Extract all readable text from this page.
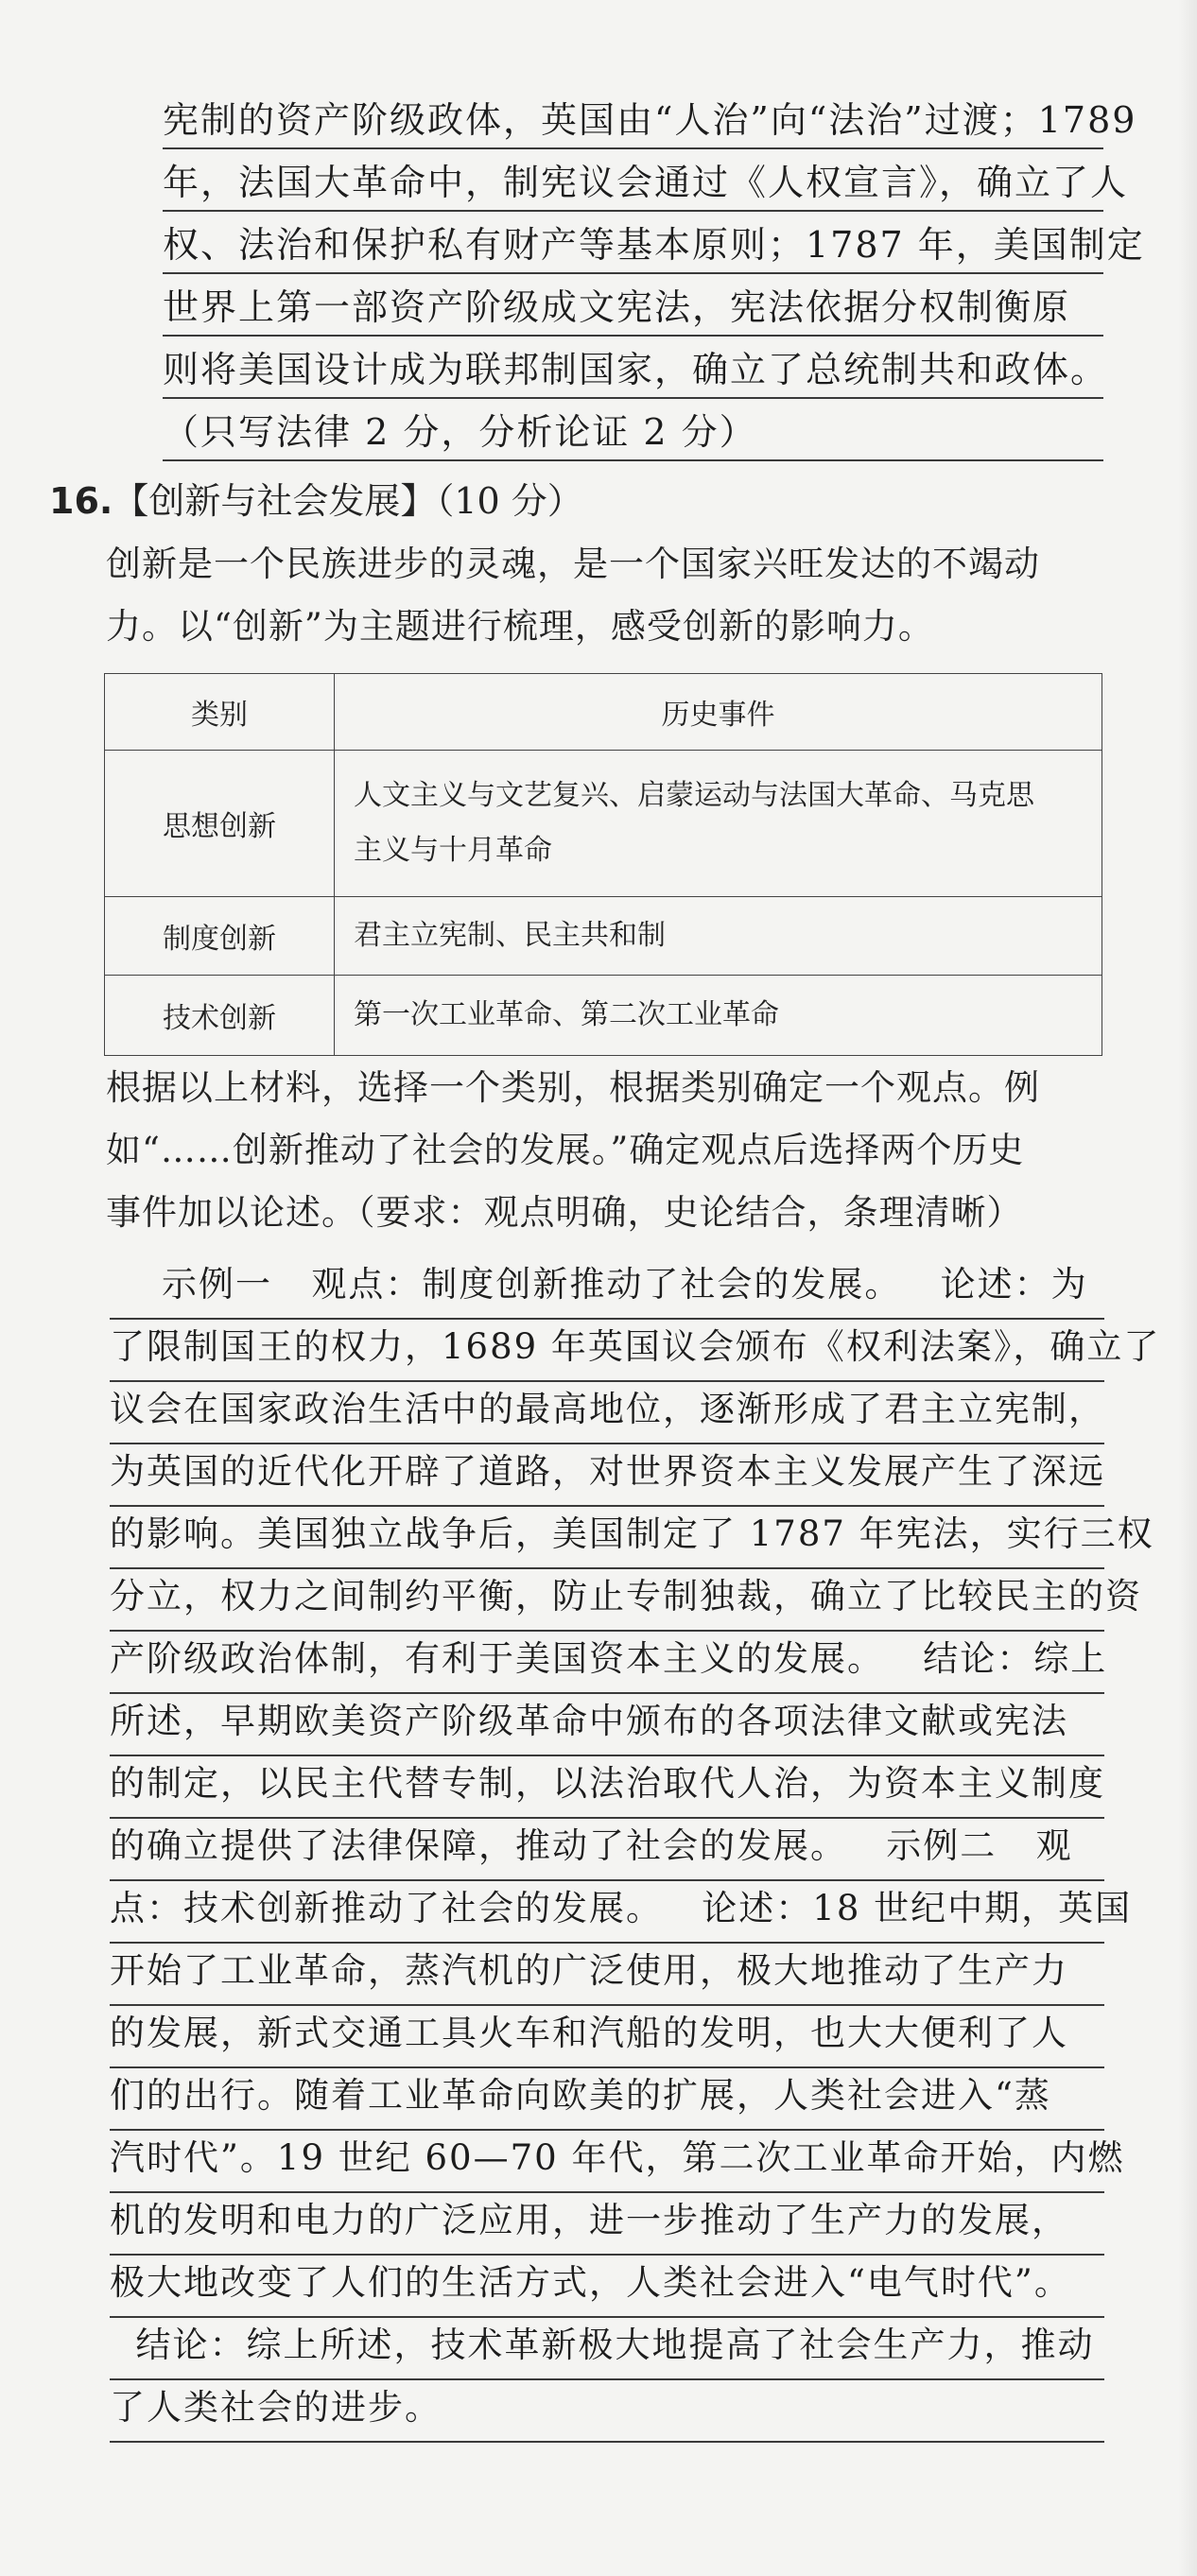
宪制的资产阶级政体，英国由“人治”向“法治”过渡；1789
年，法国大革命中，制宪议会通过《人权宣言》，确立了人
权、法治和保护私有财产等基本原则；1787 年，美国制定
世界上第一部资产阶级成文宪法，宪法依据分权制衡原
则将美国设计成为联邦制国家，确立了总统制共和政体。
（只写法律 2 分，分析论证 2 分）
16.【创新与社会发展】（10 分）
创新是一个民族进步的灵魂，是一个国家兴旺发达的不竭动
力。以“创新”为主题进行梳理，感受创新的影响力。
类别	历史事件
思想创新	人文主义与文艺复兴、启蒙运动与法国大革命、马克思
主义与十月革命

制度创新	君主立宪制、民主共和制
技术创新	第一次工业革命、第二次工业革命
根据以上材料，选择一个类别，根据类别确定一个观点。例
如“……创新推动了社会的发展。”确定观点后选择两个历史
事件加以论述。（要求：观点明确，史论结合，条理清晰）
示例一   观点：制度创新推动了社会的发展。   论述：为
了限制国王的权力，1689 年英国议会颁布《权利法案》，确立了
议会在国家政治生活中的最高地位，逐渐形成了君主立宪制，
为英国的近代化开辟了道路，对世界资本主义发展产生了深远
的影响。美国独立战争后，美国制定了 1787 年宪法，实行三权
分立，权力之间制约平衡，防止专制独裁，确立了比较民主的资
产阶级政治体制，有利于美国资本主义的发展。   结论：综上
所述，早期欧美资产阶级革命中颁布的各项法律文献或宪法
的制定，以民主代替专制，以法治取代人治，为资本主义制度
的确立提供了法律保障，推动了社会的发展。   示例二   观
点：技术创新推动了社会的发展。   论述：18 世纪中期，英国
开始了工业革命，蒸汽机的广泛使用，极大地推动了生产力
的发展，新式交通工具火车和汽船的发明，也大大便利了人
们的出行。随着工业革命向欧美的扩展，人类社会进入“蒸
汽时代”。19 世纪 60—70 年代，第二次工业革命开始，内燃
机的发明和电力的广泛应用，进一步推动了生产力的发展，
极大地改变了人们的生活方式，人类社会进入“电气时代”。
结论：综上所述，技术革新极大地提高了社会生产力，推动
了人类社会的进步。
